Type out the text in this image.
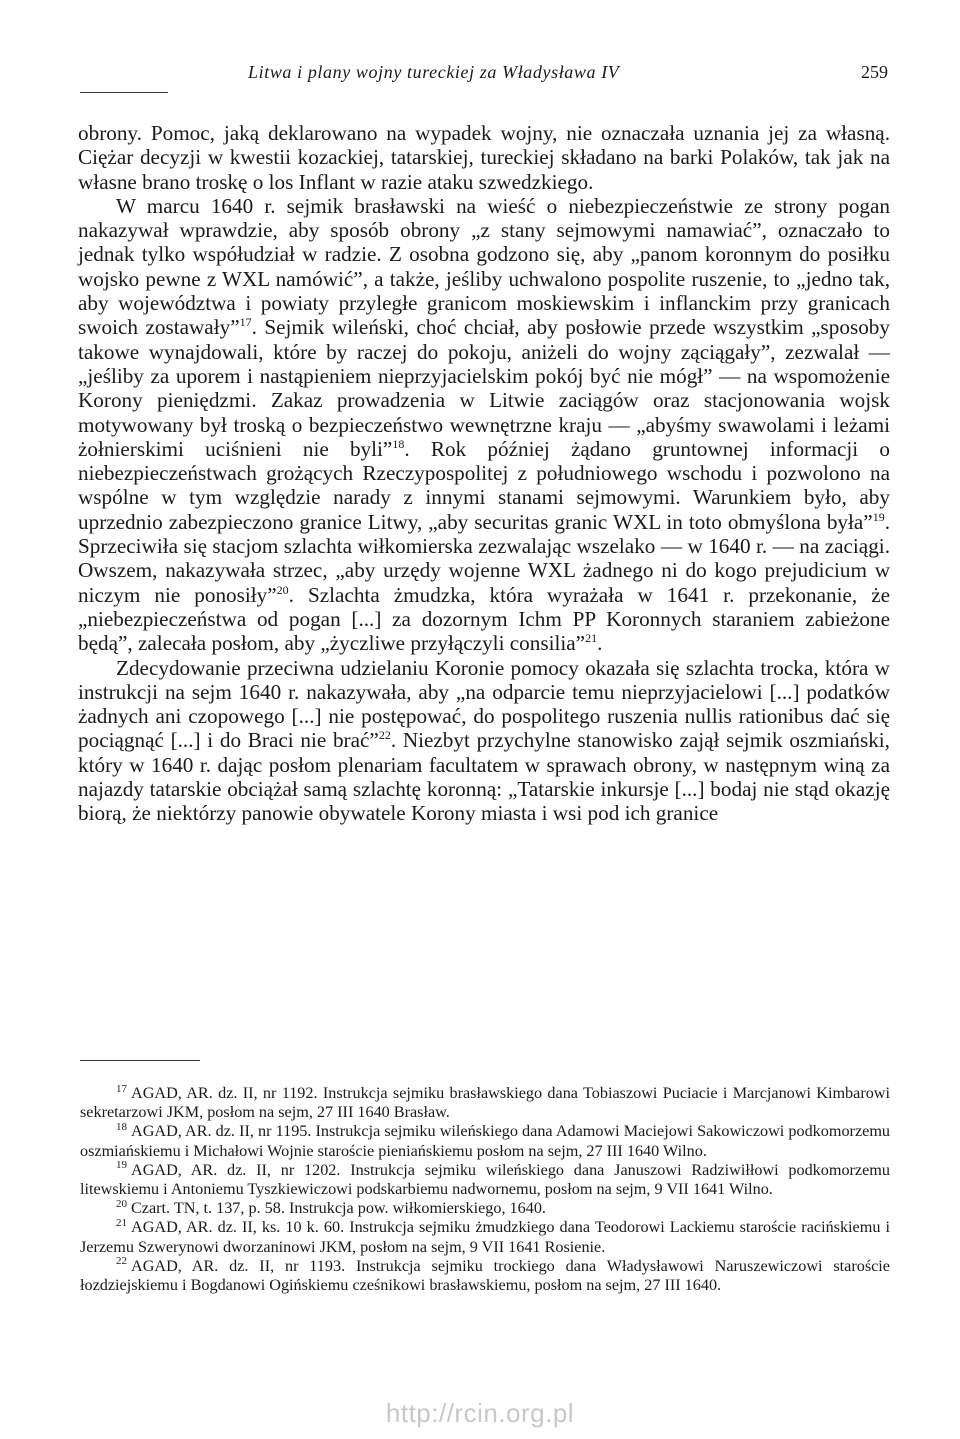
Litwa i plany wojny tureckiej za Władysława IV	259

obrony. Pomoc, jaką deklarowano na wypadek wojny, nie oznaczała uznania jej za własną. Ciężar decyzji w kwestii kozackiej, tatarskiej, tureckiej składano na barki Polaków, tak jak na własne brano troskę o los Inflant w razie ataku szwedzkiego.

W marcu 1640 r. sejmik brasławski na wieść o niebezpieczeństwie ze strony pogan nakazywał wprawdzie, aby sposób obrony „z stany sejmowymi namawiać”, oznaczało to jednak tylko współudział w radzie. Z osobna godzono się, aby „panom koronnym do posiłku wojsko pewne z WXL namówić”, a także, jeśliby uchwalono pospolite ruszenie, to „jedno tak, aby województwa i powiaty przyległe granicom moskiewskim i inflanckim przy granicach swoich zostawały”$^{17}$. Sejmik wileński, choć chciał, aby posłowie przede wszystkim „sposoby takowe wynajdowali, które by raczej do pokoju, aniżeli do wojny ząciągały”, zezwalał — „jeśliby za uporem i nastąpieniem nieprzyjacielskim pokój być nie mógł” — na wspomożenie Korony pieniędzmi. Zakaz prowadzenia w Litwie zaciągów oraz stacjonowania wojsk motywowany był troską o bezpieczeństwo wewnętrzne kraju — „abyśmy swawolami i leżami żołnierskimi uciśnieni nie byli”$^{18}$. Rok później żądano gruntownej informacji o niebezpieczeństwach grożących Rzeczypospolitej z południowego wschodu i pozwolono na wspólne w tym względzie narady z innymi stanami sejmowymi. Warunkiem było, aby uprzednio zabezpieczono granice Litwy, „aby securitas granic WXL in toto obmyślona była”$^{19}$. Sprzeciwiła się stacjom szlachta wiłkomierska zezwalając wszelako — w 1640 r. — na zaciągi. Owszem, nakazywała strzec, „aby urzędy wojenne WXL żadnego ni do kogo prejudicium w niczym nie ponosiły”$^{20}$. Szlachta żmudzka, która wyrażała w 1641 r. przekonanie, że „niebezpieczeństwa od pogan [...] za dozornym Ichm PP Koronnych staraniem zabieżone będą”, zalecała posłom, aby „życzliwe przyłączyli consilia”$^{21}$.

Zdecydowanie przeciwna udzielaniu Koronie pomocy okazała się szlachta trocka, która w instrukcji na sejm 1640 r. nakazywała, aby „na odparcie temu nieprzyjacielowi [...] podatków żadnych ani czopowego [...] nie postępować, do pospolitego ruszenia nullis rationibus dać się pociągnąć [...] i do Braci nie brać”$^{22}$. Niezbyt przychylne stanowisko zajął sejmik oszmiański, który w 1640 r. dając posłom plenariam facultatem w sprawach obrony, w następnym winą za najazdy tatarskie obciążał samą szlachtę koronną: „Tatarskie inkursje [...] bodaj nie stąd okazję biorą, że niektórzy panowie obywatele Korony miasta i wsi pod ich granice

$^{17}$ AGAD, AR. dz. II, nr 1192. Instrukcja sejmiku brasławskiego dana Tobiaszowi Puciacie i Marcjanowi Kimbarowi sekretarzowi JKM, posłom na sejm, 27 III 1640 Brasław.

$^{18}$ AGAD, AR. dz. II, nr 1195. Instrukcja sejmiku wileńskiego dana Adamowi Maciejowi Sakowiczowi podkomorzemu oszmiańskiemu i Michałowi Wojnie staroście pieniańskiemu posłom na sejm, 27 III 1640 Wilno.

$^{19}$ AGAD, AR. dz. II, nr 1202. Instrukcja sejmiku wileńskiego dana Januszowi Radziwiłłowi podkomorzemu litewskiemu i Antoniemu Tyszkiewiczowi podskarbiemu nadwornemu, posłom na sejm, 9 VII 1641 Wilno.

$^{20}$ Czart. TN, t. 137, p. 58. Instrukcja pow. wiłkomierskiego, 1640.

$^{21}$ AGAD, AR. dz. II, ks. 10 k. 60. Instrukcja sejmiku żmudzkiego dana Teodorowi Lackiemu staroście racińskiemu i Jerzemu Szwerynowi dworzaninowi JKM, posłom na sejm, 9 VII 1641 Rosienie.

$^{22}$ AGAD, AR. dz. II, nr 1193. Instrukcja sejmiku trockiego dana Władysławowi Naruszewiczowi staroście łozdziejskiemu i Bogdanowi Ogińskiemu cześnikowi brasławskiemu, posłom na sejm, 27 III 1640.

http://rcin.org.pl
